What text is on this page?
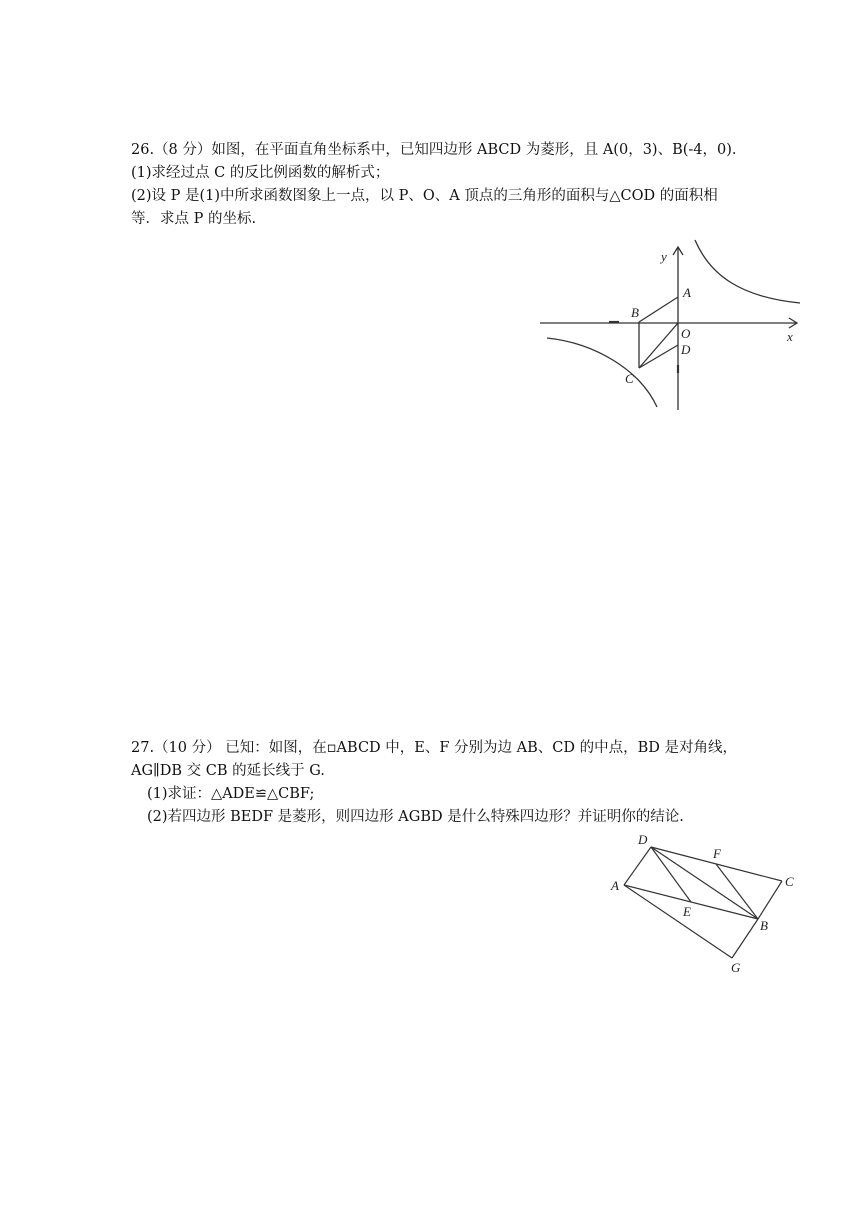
26.（8 分）如图，在平面直角坐标系中，已知四边形 ABCD 为菱形，且 A(0，3)、B(-4，0).
(1)求经过点 C 的反比例函数的解析式；
(2)设 P 是(1)中所求函数图象上一点，以 P、O、A 顶点的三角形的面积与△COD 的面积相
等．求点 P 的坐标.
y
x
A
B
O
D
C
27.（10 分） 已知：如图，在▫ABCD 中，E、F 分别为边 AB、CD 的中点，BD 是对角线，
AG∥DB 交 CB 的延长线于 G.
(1)求证：△ADE≌△CBF;
(2)若四边形 BEDF 是菱形，则四边形 AGBD 是什么特殊四边形？并证明你的结论.
D
F
C
A
E
B
G
